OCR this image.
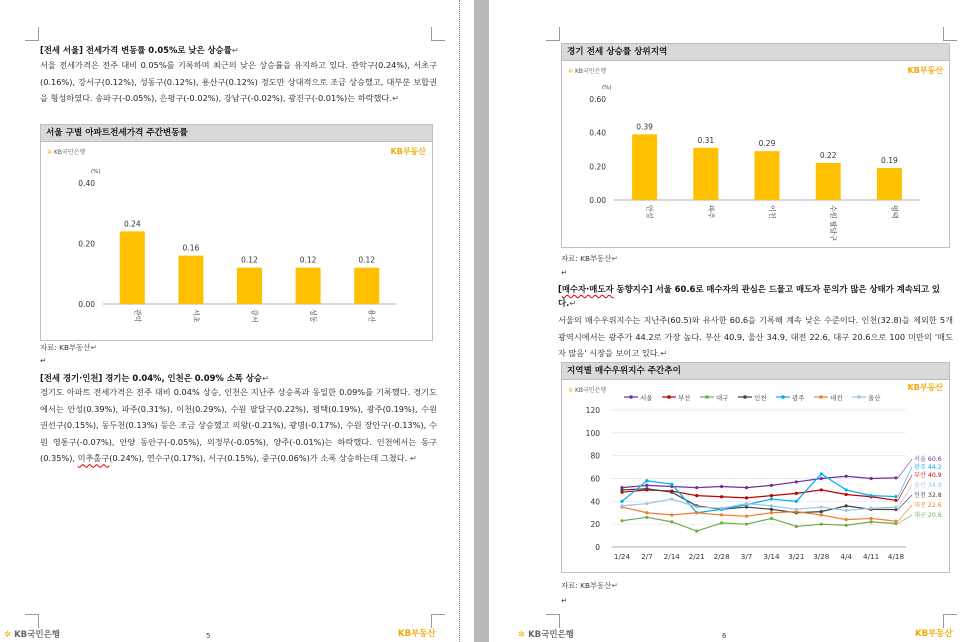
[전세 서울] 전세가격 변동률 0.05%로 낮은 상승률↵
서울 전세가격은 전주 대비 0.05%를 기록하며 최근의 낮은 상승률을 유지하고 있다. 관악구(0.24%), 서초구(0.16%), 강서구(0.12%), 성동구(0.12%), 용산구(0.12%) 정도만 상대적으로 조금 상승했고, 대부분 보합권을 형성하였다. 송파구(-0.05%), 은평구(-0.02%), 강남구(-0.02%), 광진구(-0.01%)는 하락했다.↵
서울 구별 아파트전세가격 주간변동률
✲ KB국민은행	KB부동산
(%)
0.00
0.20
0.40
0.24
관악
0.16
서초
0.12
강서
0.12
성동
0.12
용산
자료: KB부동산↵
↵
[전세 경기·인천] 경기는 0.04%, 인천은 0.09% 소폭 상승↵
경기도 아파트 전세가격은 전주 대비 0.04% 상승, 인천은 지난주 상승폭과 동일한 0.09%를 기록했다. 경기도에서는 안성(0.39%), 파주(0.31%), 이천(0.29%), 수원 팔달구(0.22%), 평택(0.19%), 광주(0.19%), 수원 권선구(0.15%), 동두천(0.13%) 등은 조금 상승했고 의왕(-0.21%), 광명(-0.17%), 수원 장안구(-0.13%), 수원 영통구(-0.07%), 안양 동안구(-0.05%), 의정부(-0.05%), 양주(-0.01%)는 하락했다. 인천에서는 동구(0.35%), 미추홀구(0.24%), 연수구(0.17%), 서구(0.15%), 중구(0.06%)가 소폭 상승하는데 그쳤다. ↵
✲ KB국민은행	5	KB부동산
경기 전세 상승률 상위지역
✲ KB국민은행	KB부동산
(%)
0.00
0.20
0.40
0.60
0.39
안성
0.31
파주
0.29
이천
0.22
수원 팔달구
0.19
평택
자료: KB부동산↵
↵
[매수자·매도자 동향지수] 서울 60.6로 매수자의 관심은 드물고 매도자 문의가 많은 상태가 계속되고 있다.↵
서울의 매수우위지수는 지난주(60.5)와 유사한 60.6을 기록해 계속 낮은 수준이다. 인천(32.8)을 제외한 5개 광역시에서는 광주가 44.2로 가장 높다. 부산 40.9, 울산 34.9, 대전 22.6, 대구 20.6으로 100 미만의 '매도자 많음' 시장을 보이고 있다.↵
지역별 매수우위지수 주간추이
✲ KB국민은행	KB부동산
서울	부산	대구	인천	광주	대전	울산
0
20
40
60
80
100
120
1/24 2/7 2/14 2/21 2/28 3/7 3/14 3/21 3/28 4/4 4/11 4/18
서울 60.6
부산 40.9
대구 20.6
인천 32.8
광주 44.2
대전 22.6
울산 34.9
자료: KB부동산↵
↵
✲ KB국민은행	6	KB부동산
